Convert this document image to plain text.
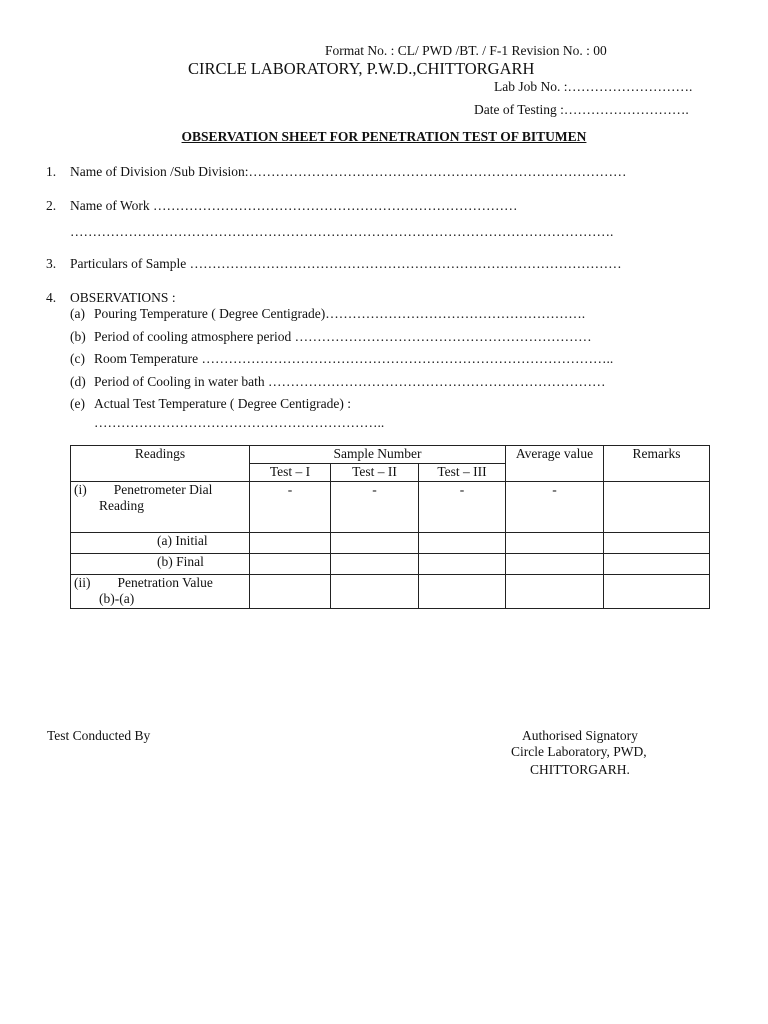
Format No. : CL/ PWD /BT. / F-1 Revision No. : 00
CIRCLE LABORATORY, P.W.D.,CHITTORGARH
Lab Job No. :……………………….
Date of Testing :……………………….
OBSERVATION SHEET FOR PENETRATION TEST OF BITUMEN
1. Name of Division /Sub Division:…………………………………………………………………………
2. Name of Work ………………………………………………………………………
………………………………………………………………………………………………………….
3. Particulars of Sample ……………………………………………………………………………………
4. OBSERVATIONS :
(a) Pouring Temperature ( Degree Centigrade)………………………………………………….
(b) Period of cooling atmosphere period …………………………………………………………
(c) Room Temperature ………………………………………………………………………………..
(d) Period of Cooling in water bath …………………………………………………………………
(e) Actual Test Temperature ( Degree Centigrade) :
………………………………………………………..
Readings	Sample Number			Average value	Remarks
	Test – I	Test – II	Test – III		

(i)        Penetrometer Dial
Reading	-	-	-	-	
(a) Initial					
(b) Final					

(ii)        Penetration Value
(b)-(a)					

Test Conducted By	Authorised Signatory
Circle Laboratory, PWD,
CHITTORGARH.
